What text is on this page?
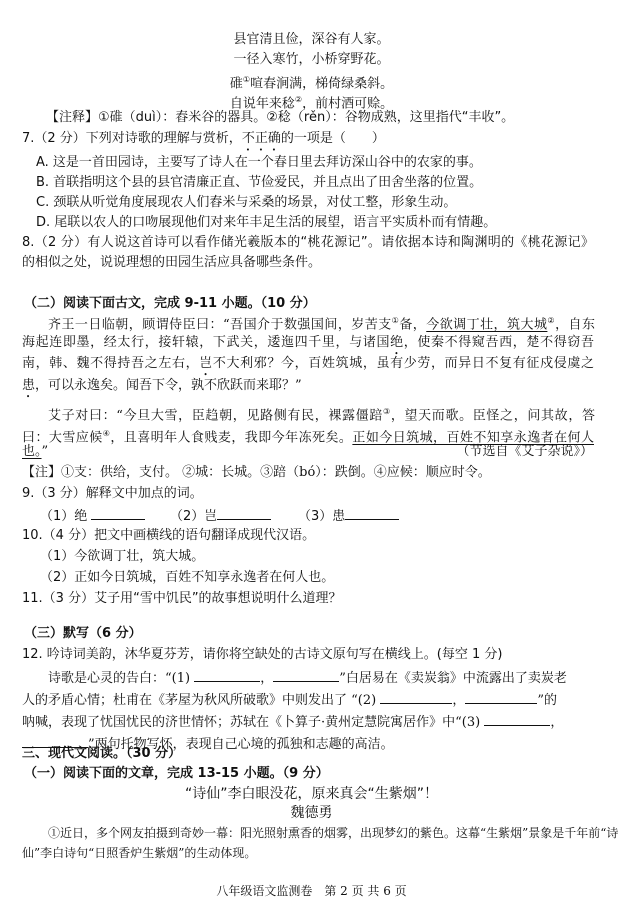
县官清且俭，深谷有人家。
一径入寒竹，小桥穿野花。
碓①喧春涧满，梯倚绿桑斜。
自说年来稔②，前村酒可赊。
【注释】①碓（duì）：舂米谷的器具。②稔（rěn）：谷物成熟，这里指代“丰收”。
7.（2 分）下列对诗歌的理解与赏析，不正确的一项是（　　）
A. 这是一首田园诗，主要写了诗人在一个春日里去拜访深山谷中的农家的事。
B. 首联指明这个县的县官清廉正直、节俭爱民，并且点出了田舍坐落的位置。
C. 颈联从听觉角度展现农人们舂米与采桑的场景，对仗工整，形象生动。
D. 尾联以农人的口吻展现他们对来年丰足生活的展望，语言平实质朴而有情趣。
8.（2 分）有人说这首诗可以看作储光羲版本的“桃花源记”。请依据本诗和陶渊明的《桃花源记》
的相似之处，说说理想的田园生活应具备哪些条件。
（二）阅读下面古文，完成 9-11 小题。（10 分）
齐王一日临朝，顾谓侍臣曰：“吾国介于数强国间，岁苦支①备，今欲调丁壮，筑大城②，自东
海起连即墨，经太行，接轩辕，下武关，逶迤四千里，与诸国绝，使秦不得窥吾西，楚不得窃吾
南，韩、魏不得持吾之左右，岂不大利邪？今，百姓筑城，虽有少劳，而异日不复有征戍侵虞之
患，可以永逸矣。闻吾下令，孰不欣跃而来耶？”
艾子对曰：“今旦大雪，臣趋朝，见路侧有民，裸露僵踣③，望天而歌。臣怪之，问其故，答
曰：大雪应候④，且喜明年人食贱麦，我即今年冻死矣。正如今日筑城，百姓不知享永逸者在何人
也。”	（节选自《艾子杂说》）
【注】①支：供给，支付。 ②城：长城。③踣（bó）：跌倒。④应候：顺应时令。
9.（3 分）解释文中加点的词。
（1）绝	（2）岂	（3）患
10.（4 分）把文中画横线的语句翻译成现代汉语。
（1）今欲调丁壮，筑大城。
（2）正如今日筑城，百姓不知享永逸者在何人也。
11.（3 分）艾子用“雪中饥民”的故事想说明什么道理？
（三）默写（6 分）
12. 吟诗词美韵，沐华夏芬芳，请你将空缺处的古诗文原句写在横线上。(每空 1 分)
诗歌是心灵的告白：“(1)	，	”白居易在《卖炭翁》中流露出了卖炭老
人的矛盾心情；杜甫在《茅屋为秋风所破歌》中则发出了 “(2)	，	”的
呐喊，表现了忧国忧民的济世情怀；苏轼在《卜算子·黄州定慧院寓居作》中“(3)	，
”两句托物写怀，表现自己心境的孤独和志趣的高洁。
三、现代文阅读。（30 分）
（一）阅读下面的文章，完成 13-15 小题。（9 分）
“诗仙”李白眼没花，原来真会“生紫烟”！
魏德勇
①近日，多个网友拍摄到奇妙一幕：阳光照射熏香的烟雾，出现梦幻的紫色。这幕“生紫烟”景象是千年前“诗
仙”李白诗句“日照香炉生紫烟”的生动体现。
八年级语文监测卷　第 2 页 共 6 页
